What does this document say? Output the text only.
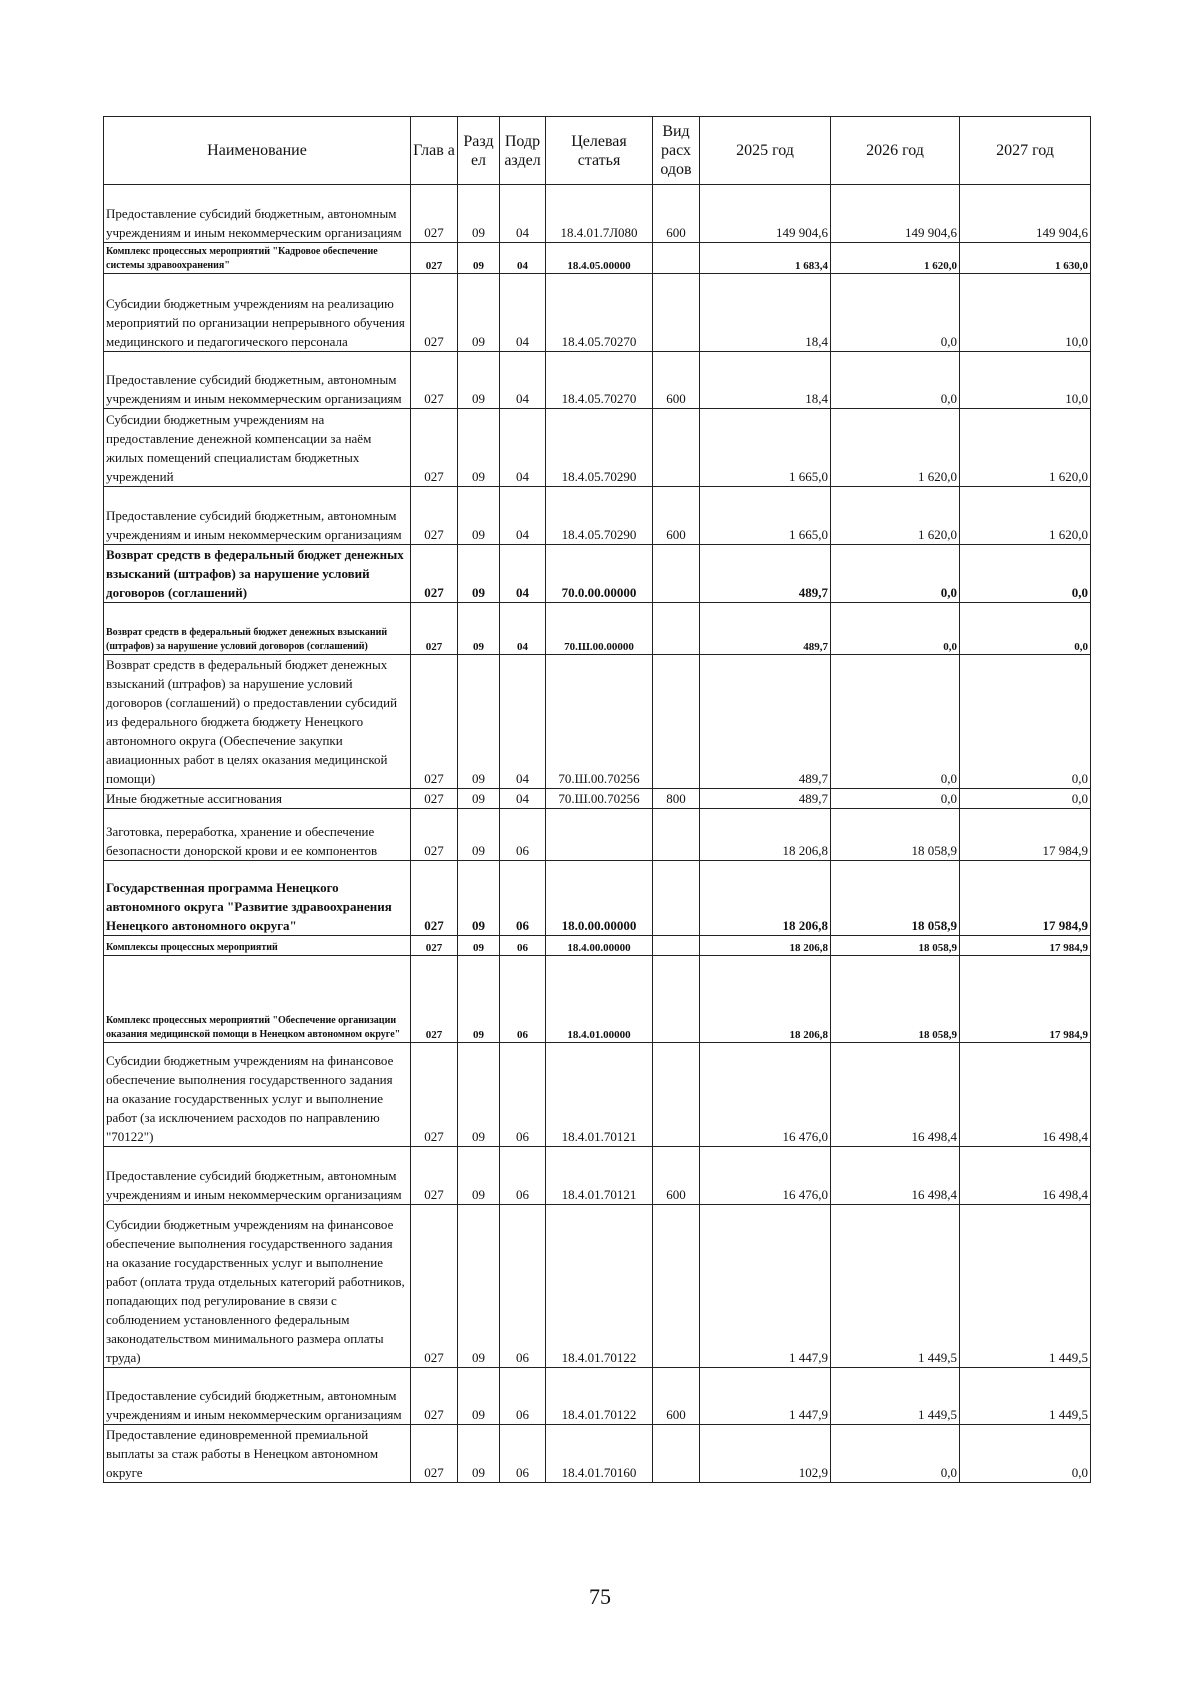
Наименование	Глав а	Разд ел	Подр аздел	Целевая статья	Вид расх одов	2025 год	2026 год	2027 год
Предоставление субсидий бюджетным, автономным учреждениям и иным некоммерческим организациям	027	09	04	18.4.01.7Л080	600	149 904,6	149 904,6	149 904,6
Комплекс процессных мероприятий "Кадровое обеспечение системы здравоохранения"	027	09	04	18.4.05.00000		1 683,4	1 620,0	1 630,0
Субсидии бюджетным учреждениям на реализацию мероприятий по организации непрерывного обучения медицинского и педагогического персонала	027	09	04	18.4.05.70270		18,4	0,0	10,0
Предоставление субсидий бюджетным, автономным учреждениям и иным некоммерческим организациям	027	09	04	18.4.05.70270	600	18,4	0,0	10,0
Субсидии бюджетным учреждениям на предоставление денежной компенсации за наём жилых помещений специалистам бюджетных учреждений	027	09	04	18.4.05.70290		1 665,0	1 620,0	1 620,0
Предоставление субсидий бюджетным, автономным учреждениям и иным некоммерческим организациям	027	09	04	18.4.05.70290	600	1 665,0	1 620,0	1 620,0
Возврат средств в федеральный бюджет денежных взысканий (штрафов) за нарушение условий договоров (соглашений)	027	09	04	70.0.00.00000		489,7	0,0	0,0
Возврат средств в федеральный бюджет денежных взысканий (штрафов) за нарушение условий договоров (соглашений)	027	09	04	70.Ш.00.00000		489,7	0,0	0,0
Возврат средств в федеральный бюджет денежных взысканий (штрафов) за нарушение условий договоров (соглашений) о предоставлении субсидий из федерального бюджета бюджету Ненецкого автономного округа (Обеспечение закупки авиационных работ в целях оказания медицинской помощи)	027	09	04	70.Ш.00.70256		489,7	0,0	0,0
Иные бюджетные ассигнования	027	09	04	70.Ш.00.70256	800	489,7	0,0	0,0
Заготовка, переработка, хранение и обеспечение безопасности донорской крови и ее компонентов	027	09	06			18 206,8	18 058,9	17 984,9
Государственная программа Ненецкого автономного округа "Развитие здравоохранения Ненецкого автономного округа"	027	09	06	18.0.00.00000		18 206,8	18 058,9	17 984,9
Комплексы процессных мероприятий	027	09	06	18.4.00.00000		18 206,8	18 058,9	17 984,9
Комплекс процессных мероприятий "Обеспечение организации оказания медицинской помощи в Ненецком автономном округе"	027	09	06	18.4.01.00000		18 206,8	18 058,9	17 984,9
Субсидии бюджетным учреждениям на финансовое обеспечение выполнения государственного задания на оказание государственных услуг и выполнение работ (за исключением расходов по направлению "70122")	027	09	06	18.4.01.70121		16 476,0	16 498,4	16 498,4
Предоставление субсидий бюджетным, автономным учреждениям и иным некоммерческим организациям	027	09	06	18.4.01.70121	600	16 476,0	16 498,4	16 498,4
Субсидии бюджетным учреждениям на финансовое обеспечение выполнения государственного задания на оказание государственных услуг и выполнение работ (оплата труда отдельных категорий работников, попадающих под регулирование в связи с соблюдением установленного федеральным законодательством минимального размера оплаты труда)	027	09	06	18.4.01.70122		1 447,9	1 449,5	1 449,5
Предоставление субсидий бюджетным, автономным учреждениям и иным некоммерческим организациям	027	09	06	18.4.01.70122	600	1 447,9	1 449,5	1 449,5
Предоставление единовременной премиальной выплаты за стаж работы в Ненецком автономном округе	027	09	06	18.4.01.70160		102,9	0,0	0,0
75
